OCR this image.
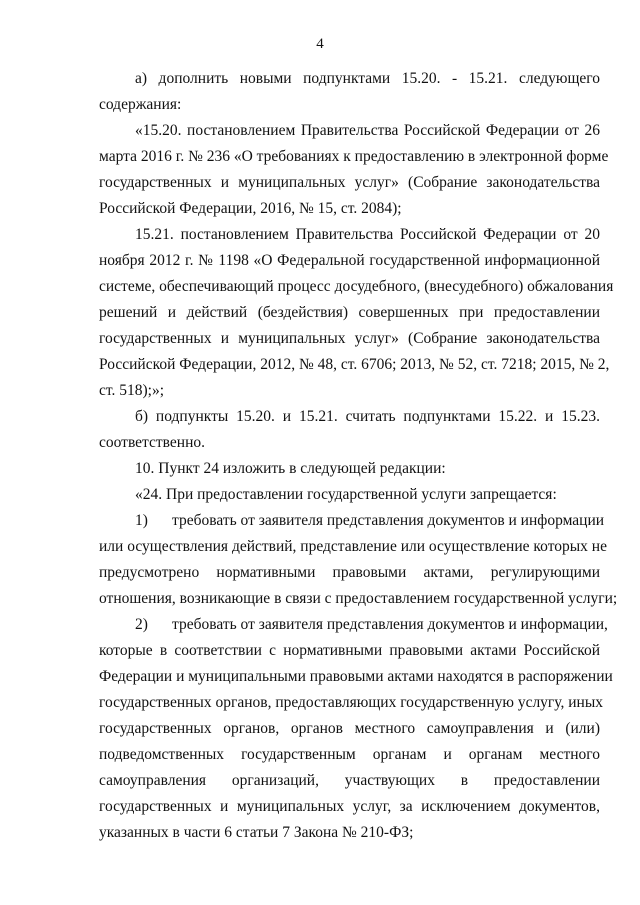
4
а) дополнить новыми подпунктами 15.20. - 15.21. следующего
содержания:
«15.20. постановлением Правительства Российской Федерации от 26
марта 2016 г. № 236 «О требованиях к предоставлению в электронной форме
государственных и муниципальных услуг» (Собрание законодательства
Российской Федерации, 2016, № 15, ст. 2084);
15.21. постановлением Правительства Российской Федерации от 20
ноября 2012 г. № 1198 «О Федеральной государственной информационной
системе, обеспечивающий процесс досудебного, (внесудебного) обжалования
решений и действий (бездействия) совершенных при предоставлении
государственных и муниципальных услуг» (Собрание законодательства
Российской Федерации, 2012, № 48, ст. 6706; 2013, № 52, ст. 7218; 2015, № 2,
ст. 518);»;
б) подпункты 15.20. и 15.21. считать подпунктами 15.22. и 15.23.
соответственно.
10. Пункт 24 изложить в следующей редакции:
«24. При предоставлении государственной услуги запрещается:
1) требовать от заявителя представления документов и информации
или осуществления действий, представление или осуществление которых не
предусмотрено нормативными правовыми актами, регулирующими
отношения, возникающие в связи с предоставлением государственной услуги;
2) требовать от заявителя представления документов и информации,
которые в соответствии с нормативными правовыми актами Российской
Федерации и муниципальными правовыми актами находятся в распоряжении
государственных органов, предоставляющих государственную услугу, иных
государственных органов, органов местного самоуправления и (или)
подведомственных государственным органам и органам местного
самоуправления организаций, участвующих в предоставлении
государственных и муниципальных услуг, за исключением документов,
указанных в части 6 статьи 7 Закона № 210-ФЗ;
